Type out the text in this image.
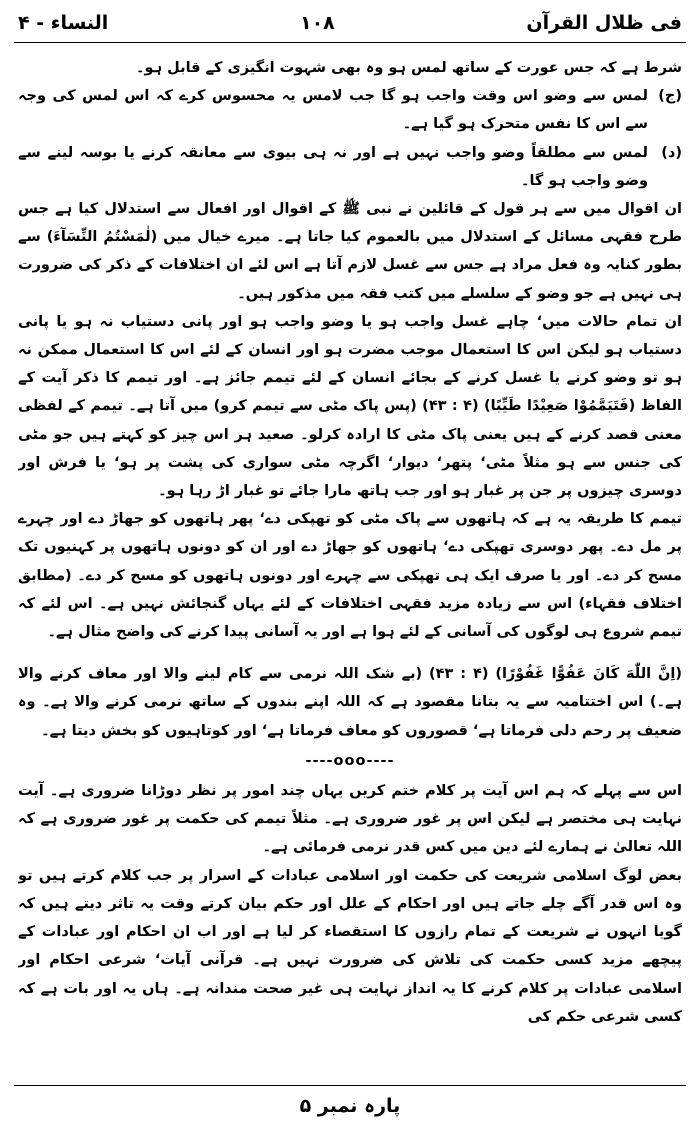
فی ظلال القرآن
۱۰۸
النساء - ۴

شرط ہے کہ جس عورت کے ساتھ لمس ہو وہ بھی شہوت انگیزی کے قابل ہو۔

(ج)
لمس سے وضو اس وقت واجب ہو گا جب لامس یہ محسوس کرے کہ اس لمس کی وجہ سے اس کا نفس متحرک ہو گیا ہے۔
(د)
لمس سے مطلقاً وضو واجب نہیں ہے اور نہ ہی بیوی سے معانقہ کرنے یا بوسہ لینے سے وضو واجب ہو گا۔

ان اقوال میں سے ہر قول کے قائلین نے نبی ﷺ کے اقوال اور افعال سے استدلال کیا ہے جس طرح فقہی مسائل کے استدلال میں بالعموم کیا جاتا ہے۔ میرے خیال میں (لٰمَسْتُمُ النِّسَآءَ) سے بطور کنایہ وہ فعل مراد ہے جس سے غسل لازم آتا ہے اس لئے ان اختلافات کے ذکر کی ضرورت ہی نہیں ہے جو وضو کے سلسلے میں کتب فقہ میں مذکور ہیں۔

ان تمام حالات میں‘ چاہے غسل واجب ہو یا وضو واجب ہو اور پانی دستیاب نہ ہو یا پانی دستیاب ہو لیکن اس کا استعمال موجب مضرت ہو اور انسان کے لئے اس کا استعمال ممکن نہ ہو تو وضو کرنے یا غسل کرنے کے بجائے انسان کے لئے تیمم جائز ہے۔ اور تیمم کا ذکر آیت کے الفاظ (فَتَيَمَّمُوْا صَعِيْدًا طَيِّبًا) (۴ : ۴۳) (پس پاک مٹی سے تیمم کرو) میں آتا ہے۔ تیمم کے لفظی معنی قصد کرنے کے ہیں یعنی پاک مٹی کا ارادہ کرلو۔ صعید ہر اس چیز کو کہتے ہیں جو مٹی کی جنس سے ہو مثلاً مٹی‘ پتھر‘ دیوار‘ اگرچہ مٹی سواری کی پشت پر ہو‘ یا فرش اور دوسری چیزوں پر جن پر غبار ہو اور جب ہاتھ مارا جائے تو غبار اڑ رہا ہو۔

تیمم کا طریقہ یہ ہے کہ ہاتھوں سے پاک مٹی کو تھپکی دے‘ پھر ہاتھوں کو جھاڑ دے اور چہرے پر مل دے۔ پھر دوسری تھپکی دے‘ ہاتھوں کو جھاڑ دے اور ان کو دونوں ہاتھوں پر کہنیوں تک مسح کر دے۔ اور یا صرف ایک ہی تھپکی سے چہرے اور دونوں ہاتھوں کو مسح کر دے۔ (مطابق اختلاف فقہاء) اس سے زیادہ مزید فقہی اختلافات کے لئے یہاں گنجائش نہیں ہے۔ اس لئے کہ تیمم شروع ہی لوگوں کی آسانی کے لئے ہوا ہے اور یہ آسانی پیدا کرنے کی واضح مثال ہے۔

(اِنَّ اللّٰهَ كَانَ عَفُوًّا غَفُوْرًا) (۴ : ۴۳) (بے شک اللہ نرمی سے کام لینے والا اور معاف کرنے والا ہے۔) اس اختتامیہ سے یہ بتانا مقصود ہے کہ اللہ اپنے بندوں کے ساتھ نرمی کرنے والا ہے۔ وہ ضعیف پر رحم دلی فرماتا ہے‘ قصوروں کو معاف فرماتا ہے‘ اور کوتاہیوں کو بخش دیتا ہے۔

----ooo----

اس سے پہلے کہ ہم اس آیت پر کلام ختم کریں یہاں چند امور پر نظر دوڑانا ضروری ہے۔ آیت نہایت ہی مختصر ہے لیکن اس پر غور ضروری ہے۔ مثلاً تیمم کی حکمت پر غور ضروری ہے کہ اللہ تعالیٰ نے ہمارے لئے دین میں کس قدر نرمی فرمائی ہے۔

بعض لوگ اسلامی شریعت کی حکمت اور اسلامی عبادات کے اسرار پر جب کلام کرتے ہیں تو وہ اس قدر آگے چلے جاتے ہیں اور احکام کے علل اور حکم بیان کرتے وقت یہ تاثر دیتے ہیں کہ گویا انہوں نے شریعت کے تمام رازوں کا استقصاء کر لیا ہے اور اب ان احکام اور عبادات کے پیچھے مزید کسی حکمت کی تلاش کی ضرورت نہیں ہے۔ قرآنی آیات‘ شرعی احکام اور اسلامی عبادات پر کلام کرنے کا یہ انداز نہایت ہی غیر صحت مندانہ ہے۔ ہاں یہ اور بات ہے کہ کسی شرعی حکم کی

پارہ نمبر ۵
